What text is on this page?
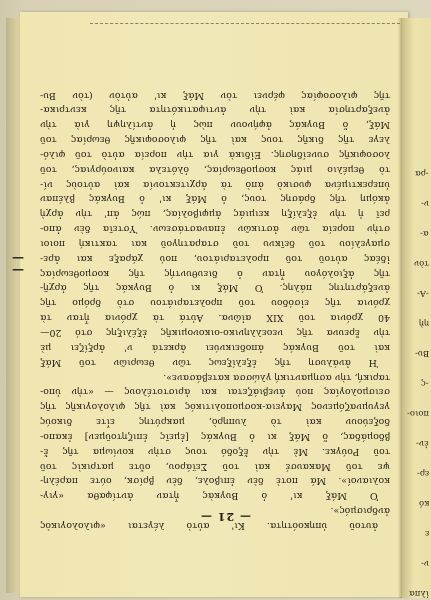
-ρα
ν-
α-
τὸν
-Α-
ηὴ
Βυ-
-ς
ποιο-
ἐν-
ερ-
κό
ε
ν-
ἱλπα
ἀυτοῦ ὑπηκοότητα. Κι' αὐτὸ λέγεται «φιλολογικὸς
ἀνδρισμός».
Ὁ Μάξ κι' ὁ Βυγκὰς ἦταν ἀντίφαθα «γιγ-
κολιανοί». Μά ποτὲ δὲν ἐπιβολε, δὲν βρίσκ, ούτε παρέλη-
ψε τοῦ Μακαυσέ καὶ τοῦ Σεϊάρου, οὔτε ματρικὶς τοῦ
τοῦ Ρούγκε. Μὲ τὴν ἔξοδό τους στὴν κονίωμα τῆς ἔ-
βδομάδας, ὅ Μάξ κι ὁ Βυγκάς [ἐμεῖς ἐπιζητοῦμεν] ἐκαπο-
δοξεύουν καὶ τὸ λυπηρὸ, μακρύτης εἶτε δικούς
γεγυμναζόμενος Μαγεια-κοσμοπολιτικός καὶ τῆς φιλολογικῆς τῆς
σεισμολογίας πού ἀνεβιάζεται και ἀριστοτέλους — «τὴν ὑπο-
ταρική, τὴν ασημαντική γλώσσα κατεβάσανε».
Ἡ ἀνάλυση τῆς ἐξελίξεως τῶν θεωριῶν τοῦ Μάξ
καὶ τοῦ Βυγκάς ἀποδεικνύει ἀρκετά ν' ἀρξίζει μὲ
τὴν ἔρευνα τῆς νεοελληνικο-οικονομικῆς ἐξέλιξης στό 20—
40 χρόνια τοῦ XIX αἰῶνα. Αὐτά τὰ χρόνια ἦταν τὰ
χρόνια τῆς εἰσόδου τοῦ προλεταριάτου στὸ δρόμο τῆς
ἀνεξάρτητης πάλης. Ὁ Μάξ κι ὁ Βυγκάς τῆς ἀρχῆ-
τῆς ἀξιολόγου ἦταν ὁ διευθυντής τῆς κοσμοθεωρίας
ἰδέας αὐτοῦ τοῦ προλεταριάτου, πού χάραξε και ἀρε-
σμαγελίου τοῦ δεῖκνυ τοῦ σταρατηγοῦ και τακτική ποιοι
στὴν πορεία τῶν ἀστικῶν ἐπαναστάσεων. Ὑστεῖα δὲν ἀπο-
ρεῖ ἡ τὴν ἐξελίξη κειμιάς ἀμφιβολίας, πώς ἀπ' τὴν ἀρχὴ
ἀκόμη τῆς δράσης τους, ὁ Μάξ κι' ὁ Βυγκάς βλέπαν
ὑπερεκτιμένα φυσικὸ ἀπὸ τὰ ἀρχιτεκτονία καὶ αὐτοὺς νί-
τὸ θεμέλιο μιάς κοσμοθεωρίας, ὁλότελα καινούργιας, τοῦ
λοσοφικῆς συνείδησης. Εἰδικὰ για τὴν πορεία αὐτὸ τοῦ φιλό-
λεγε τῆς δικῆς τους καὶ τῆς φιλοσοφικῆς θεωρίας τοῦ
Μάξ, ὅ Βυγκάς ἀφήνουν πὼς ἡ ἀντίληψη γιὰ τὴν
ἀνεξαρτησία καὶ τὴν ἀντιφατικότητα τῆς κεντρικα-
τῆς φιλοσοφίας φέρνει τὸν Μάξ κι' αὐτὸν (τὸν Βυ-
— 21 —
—
—
